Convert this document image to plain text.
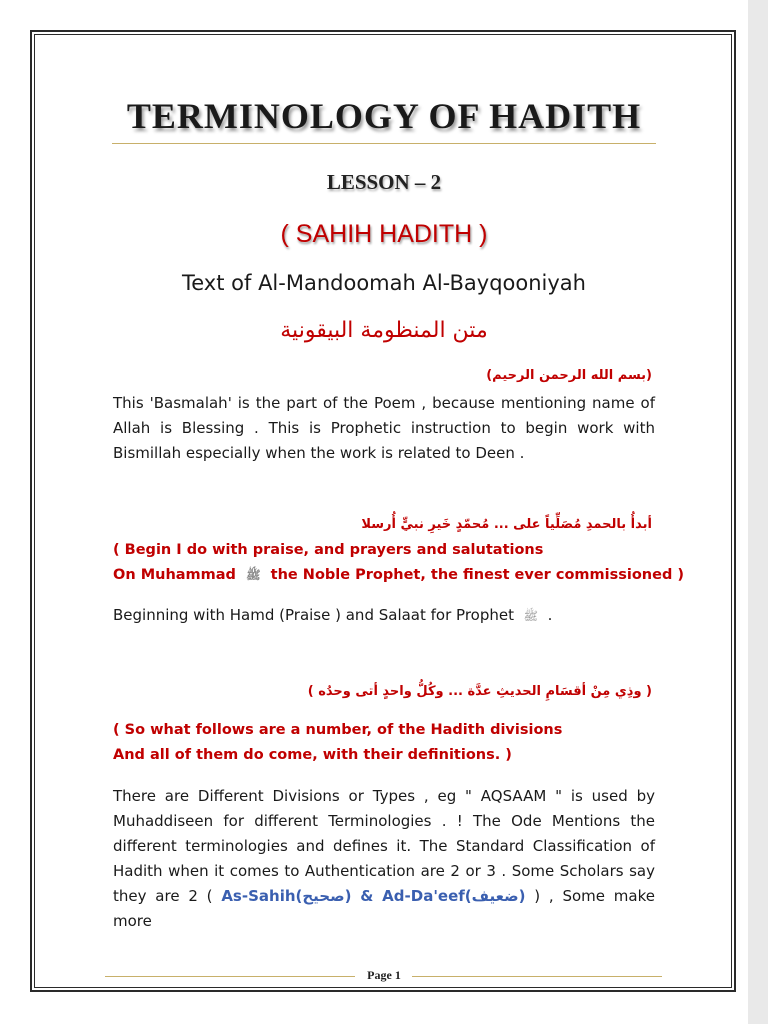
TERMINOLOGY OF HADITH
LESSON – 2
( SAHIH HADITH )
Text of Al-Mandoomah Al-Bayqooniyah
متن المنظومة البيقونية
(بسم الله الرحمن الرحيم)
This 'Basmalah' is the part of the Poem , because mentioning name of
Allah is Blessing . This is Prophetic instruction to begin work with
Bismillah especially when the work is related to Deen .
أبدأُ بالحمدِ مُصَلِّياً على ... مُحمّدٍ خَيرِ نبيٍّ أُرسلا
( Begin I do with praise, and prayers and salutations
On Muhammad ﷺ the Noble Prophet, the finest ever commissioned )
Beginning with Hamd (Praise ) and Salaat for Prophet ﷺ .
( وذِي مِنْ أقسَامِ الحديثِ عدَّة ... وكُلُّ واحدٍ أتى وحدُه )
( So what follows are a number, of the Hadith divisions
And all of them do come, with their definitions. )
There are Different Divisions or Types , eg " AQSAAM " is used by
Muhaddiseen for different Terminologies . ! The Ode Mentions the
different terminologies and defines it. The Standard Classification of
Hadith when it comes to Authentication are 2 or 3 . Some Scholars say
they are 2 ( As-Sahih(صحيح) & Ad-Da'eef(ضعيف) ) , Some make more
Page 1
